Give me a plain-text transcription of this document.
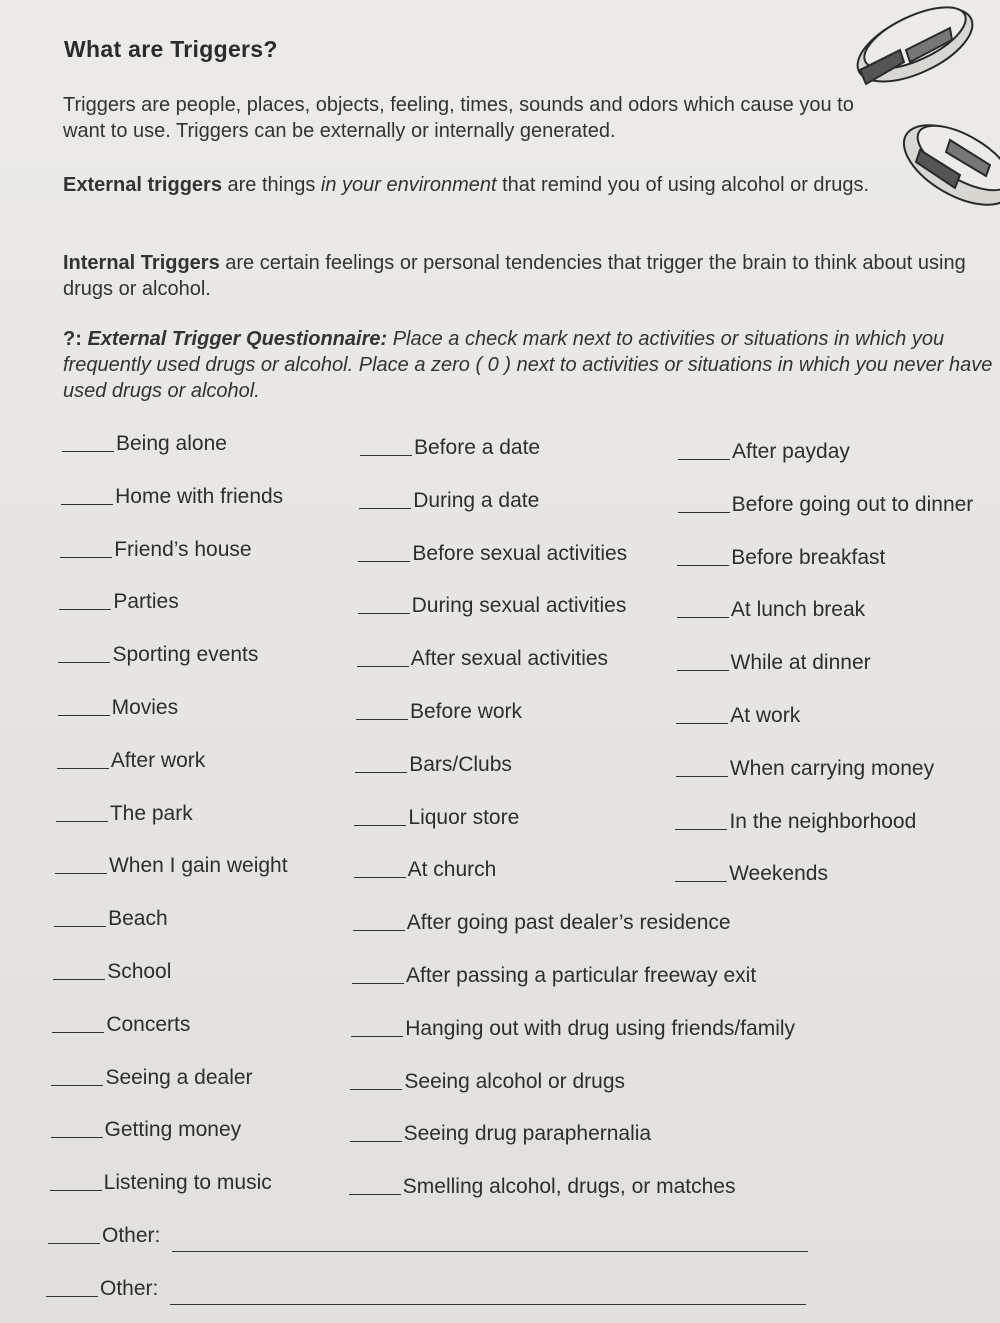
What are Triggers?
Triggers are people, places, objects, feeling, times, sounds and odors which cause you to want to use. Triggers can be externally or internally generated.
External triggers are things in your environment that remind you of using alcohol or drugs.
Internal Triggers are certain feelings or personal tendencies that trigger the brain to think about using drugs or alcohol.
?: External Trigger Questionnaire: Place a check mark next to activities or situations in which you frequently used drugs or alcohol. Place a zero ( 0 ) next to activities or situations in which you never have used drugs or alcohol.
Being alone
Home with friends
Friend’s house
Parties
Sporting events
Movies
After work
The park
When I gain weight
Beach
School
Concerts
Seeing a dealer
Getting money
Listening to music
Before a date
During a date
Before sexual activities
During sexual activities
After sexual activities
Before work
Bars/Clubs
Liquor store
At church
After going past dealer’s residence
After passing a particular freeway exit
Hanging out with drug using friends/family
Seeing alcohol or drugs
Seeing drug paraphernalia
Smelling alcohol, drugs, or matches
After payday
Before going out to dinner
Before breakfast
At lunch break
While at dinner
At work
When carrying money
In the neighborhood
Weekends
Other:
Other:
